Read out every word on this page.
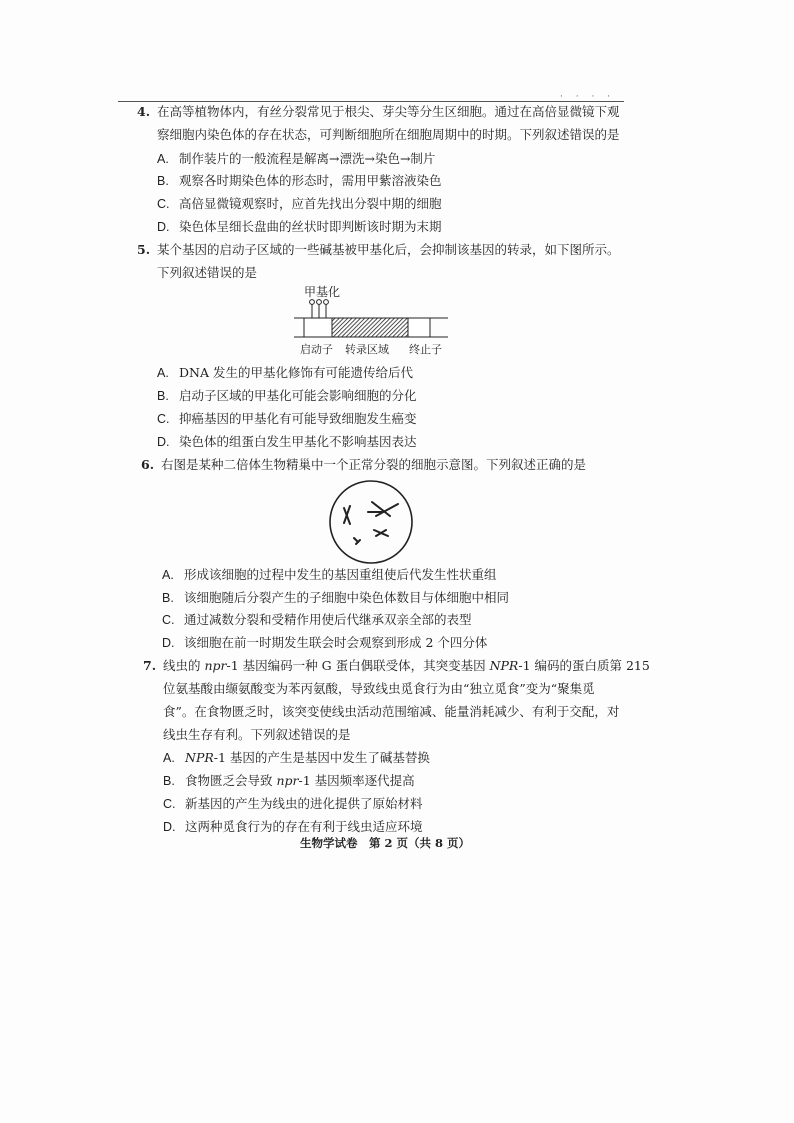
· · · ·
4. 在高等植物体内，有丝分裂常见于根尖、芽尖等分生区细胞。通过在高倍显微镜下观
察细胞内染色体的存在状态，可判断细胞所在细胞周期中的时期。下列叙述错误的是
A. 制作装片的一般流程是解离→漂洗→染色→制片
B. 观察各时期染色体的形态时，需用甲紫溶液染色
C. 高倍显微镜观察时，应首先找出分裂中期的细胞
D. 染色体呈细长盘曲的丝状时即判断该时期为末期
5. 某个基因的启动子区域的一些碱基被甲基化后，会抑制该基因的转录，如下图所示。
下列叙述错误的是
甲基化
启动子 转录区域 终止子
A. DNA 发生的甲基化修饰有可能遗传给后代
B. 启动子区域的甲基化可能会影响细胞的分化
C. 抑癌基因的甲基化有可能导致细胞发生癌变
D. 染色体的组蛋白发生甲基化不影响基因表达
6. 右图是某种二倍体生物精巢中一个正常分裂的细胞示意图。下列叙述正确的是
A. 形成该细胞的过程中发生的基因重组使后代发生性状重组
B. 该细胞随后分裂产生的子细胞中染色体数目与体细胞中相同
C. 通过减数分裂和受精作用使后代继承双亲全部的表型
D. 该细胞在前一时期发生联会时会观察到形成 2 个四分体
7. 线虫的 npr-1 基因编码一种 G 蛋白偶联受体，其突变基因 NPR-1 编码的蛋白质第 215
位氨基酸由缬氨酸变为苯丙氨酸，导致线虫觅食行为由“独立觅食”变为“聚集觅
食”。在食物匮乏时，该突变使线虫活动范围缩减、能量消耗减少、有利于交配，对
线虫生存有利。下列叙述错误的是
A. NPR-1 基因的产生是基因中发生了碱基替换
B. 食物匮乏会导致 npr-1 基因频率逐代提高
C. 新基因的产生为线虫的进化提供了原始材料
D. 这两种觅食行为的存在有利于线虫适应环境
生物学试卷　第 2 页（共 8 页）
